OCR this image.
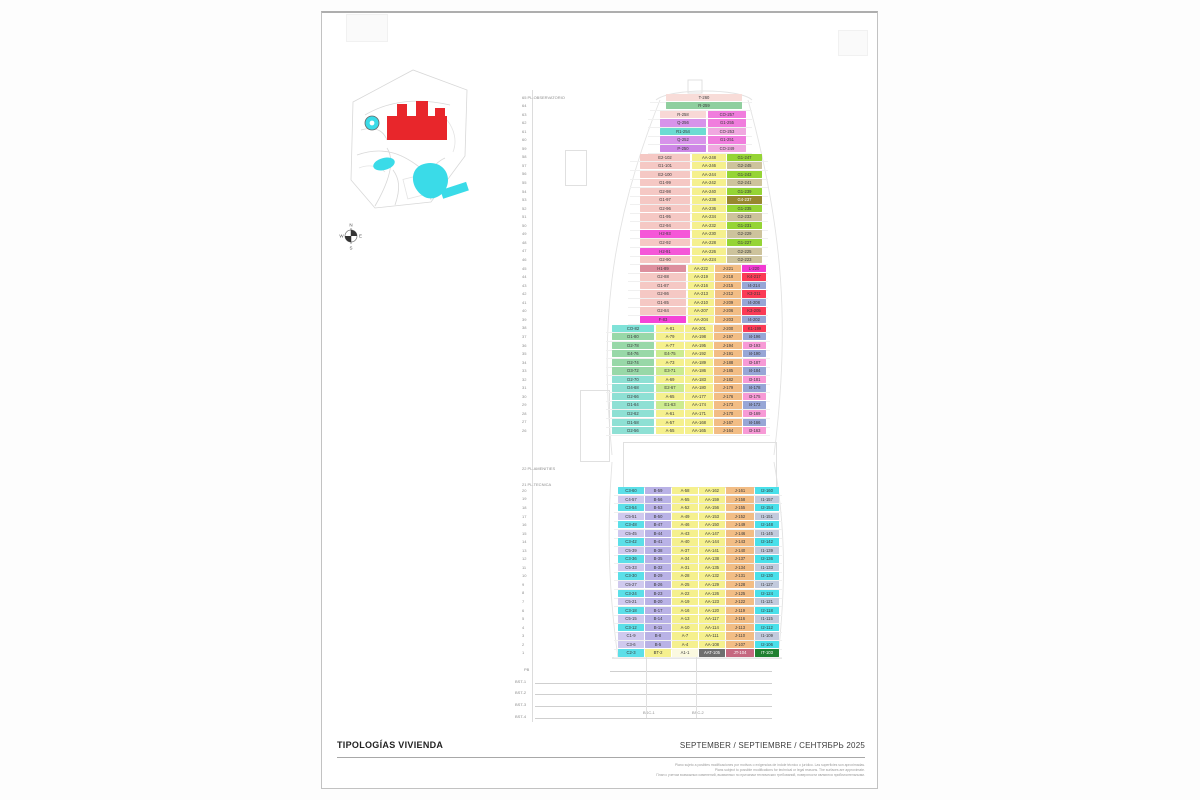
N
W	E
S
65 PL.OBSERVATORIO	T-260
64	R-259
63	R-258	CO-257
62	Q-256	G1-255
61	R1-254	CO-253
60	Q-252	G1-251
59	P-250	CO-249
58	E2-102	AA-248	G1-247
57	G1-101	AA-246	G2-245
56	E2-100	AA-244	G1-243
55	G1-99	AA-242	G2-241
54	G2-98	AA-240	G1-239
53	G1-97	AA-238	G4-237
52	G2-96	AA-236	G1-235
51	G1-95	AA-234	G2-233
50	G2-94	AA-232	G1-231
49	H2-93	AA-230	G2-229
48	G2-92	AA-228	G1-227
47	H2-91	AA-226	G2-225
46	G2-90	AA-224	G2-223
45	H1-89	AA-222	J-221	L-220
44	G2-88	AA-219	J-218	K4-217
43	G1-87	AA-216	J-215	I4-214
42	G2-86	AA-213	J-212	K3-211
41	G1-85	AA-210	J-209	I4-208
40	G2-84	AA-207	J-206	K3-205
39	F-83	AA-204	J-203	I4-202
38	CO-82	A-81	AA-201	J-200	K1-199
37	D1-80	A-79	AA-198	J-197	I4-196
36	D2-78	A-77	AA-195	J-194	I3-193
35	E4-76	E4-75	AA-192	J-191	I4-190
34	D2-74	A-73	AA-189	J-188	I3-187
33	D3-72	E3-71	AA-186	J-185	I4-184
32	D2-70	A-69	AA-183	J-182	I3-181
31	D4-68	E2-67	AA-180	J-179	I4-178
30	D2-66	A-65	AA-177	J-176	I3-175
29	D1-64	E1-63	AA-174	J-173	I4-172
28	D2-62	A-61	AA-171	J-170	I3-169
27	D1-58	A-57	AA-168	J-167	I4-166
26	D2-56	A-55	AA-165	J-164	I3-163
20	C3-60	B-59	A-58	AA-162	J-161	I2-160
19	C4-57	B-56	A-55	AA-159	J-158	I1-157
18	C3-54	B-53	A-52	AA-156	J-155	I2-154
17	C5-51	B-50	A-49	AA-153	J-152	I1-151
16	C3-48	B-47	A-46	AA-150	J-149	I2-148
15	C5-45	B-44	A-43	AA-147	J-146	I1-145
14	C3-42	B-41	A-40	AA-144	J-143	I2-142
13	C5-39	B-38	A-37	AA-141	J-140	I1-139
12	C3-36	B-35	A-34	AA-138	J-137	I2-136
11	C5-33	B-32	A-31	AA-135	J-134	I1-133
10	C3-30	B-29	A-28	AA-132	J-131	I2-130
9	C5-27	B-26	A-25	AA-129	J-128	I1-127
8	C3-24	B-23	A-22	AA-126	J-125	I2-124
7	C5-21	B-20	A-19	AA-123	J-122	I1-121
6	C3-18	B-17	A-16	AA-120	J-119	I2-118
5	C5-15	B-14	A-13	AA-117	J-116	I1-115
4	C3-12	B-11	A-10	AA-114	J-113	I2-112
3	C1-9	B-8	A-7	AA-111	J-110	I1-109
2	C3-6	B-5	A-4	AA-108	J-107	I2-106
1	C2-3	BT-2	A1-1	AAT-105	JT-104	IT-103
22 PL.AMENITIES
21 PL.TECNICA
PB
BST-1
BST-2
BST-3
BST-4
BSC-1	BSC-2
TIPOLOGÍAS VIVIENDA	SEPTEMBER / SEPTIEMBRE / СЕНТЯБРЬ 2025
Plano sujeto a posibles modificaciones por motivos o exigencias de índole técnico o jurídico. Las superficies son aproximadas.
Plans subject to possible modifications for technical or legal reasons. The surfaces are approximate.
План с учетом возможных изменений, вызванных по причинам технических требований, поверхности являются приблизительными.
